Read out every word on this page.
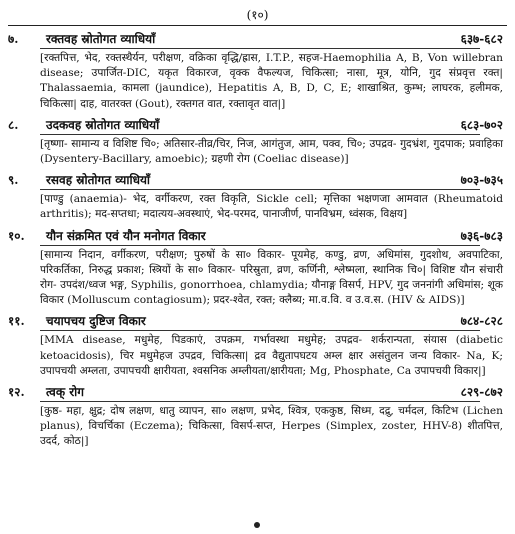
(१०)
७. रक्तवह स्रोतोगत व्याधियाँ	६३७-६८२
[रक्तपित्त, भेद, रक्तस्थैर्यन, परीक्षण, वक्रिका वृद्धि/ह्रास, I.T.P., सहज-Haemophilia A, B, Von willebran disease; उपार्जित-DIC, यकृत विकारज, वृक्क वैफल्यज, चिकित्सा; नासा, मूत्र, योनि, गुद संप्रवृत्त रक्त| Thalassaemia, कामला (jaundice), Hepatitis A, B, D, C, E; शाखाश्रित, कुम्भ; लाघरक, हलीमक, चिकित्सा| दाह, वातरक्त (Gout), रक्तगत वात, रक्तावृत वात|]
८. उदकवह स्रोतोगत व्याधियाँ	६८३-७०२
[तृष्णा- सामान्य व विशिष्ट चि०; अतिसार-तीव्र/चिर, निज, आगंतुज, आम, पक्व, चि०; उपद्रव- गुदभ्रंश, गुदपाक; प्रवाहिका (Dysentery-Bacillary, amoebic); ग्रहणी रोग (Coeliac disease)]
९. रसवह स्रोतोगत व्याधियाँ	७०३-७३५
[पाण्डु (anaemia)- भेद, वर्गीकरण, रक्त विकृति, Sickle cell; मृत्तिका भक्षणजा आमवात (Rheumatoid arthritis); मद-सप्तधा; मदात्यय-अवस्थाएं, भेद-परमद, पानाजीर्ण, पानविभ्रम, ध्वंसक, विक्षय]
१०. यौन संक्रमित एवं यौन मनोगत विकार	७३६-७८३
[सामान्य निदान, वर्गीकरण, परीक्षण; पुरुषों के सा० विकार- पूयमेह, कण्डु, व्रण, अधिमांस, गुदशोथ, अवपाटिका, परिकर्तिका, निरुद्ध प्रकाश; स्त्रियों के सा० विकार- परिस्रुता, व्रण, कर्णिनी, श्लेष्मला, स्थानिक चि०| विशिष्ट यौन संचारी रोग- उपदंश/ध्वज भङ्ग, Syphilis, gonorrhoea, chlamydia; यौनाङ्ग विसर्प, HPV, गुद जननांगी अधिमांस; शूक विकार (Molluscum contagiosum); प्रदर-श्वेत, रक्त; क्लैब्य; मा.व.वि. व उ.व.स. (HIV & AIDS)]
११. चयापचय दुष्टिज विकार	७८४-८२८
[MMA disease, मधुमेह, पिडकाएं, उपक्रम, गर्भावस्था मधुमेह; उपद्रव- शर्करान्पता, संयास (diabetic ketoacidosis), चिर मधुमेहज उपद्रव, चिकित्सा| द्रव वैद्युतापघटय अम्ल क्षार असंतुलन जन्य विकार- Na, K; उपापचयी अम्लता, उपापचयी क्षारीयता, श्वसनिक अम्लीयता/क्षारीयता; Mg, Phosphate, Ca उपापचयी विकार|]
१२. त्वक् रोग	८२९-८७२
[कुष्ठ- महा, क्षुद्र; दोष लक्षण, धातु व्यापन, सा० लक्षण, प्रभेद, श्वित्र, एककुष्ठ, सिध्म, दद्रु, चर्मदल, किटिभ (Lichen planus), विचर्चिका (Eczema); चिकित्सा, विसर्प-सप्त, Herpes (Simplex, zoster, HHV-8) शीतपित्त, उदर्द, कोठ|]
